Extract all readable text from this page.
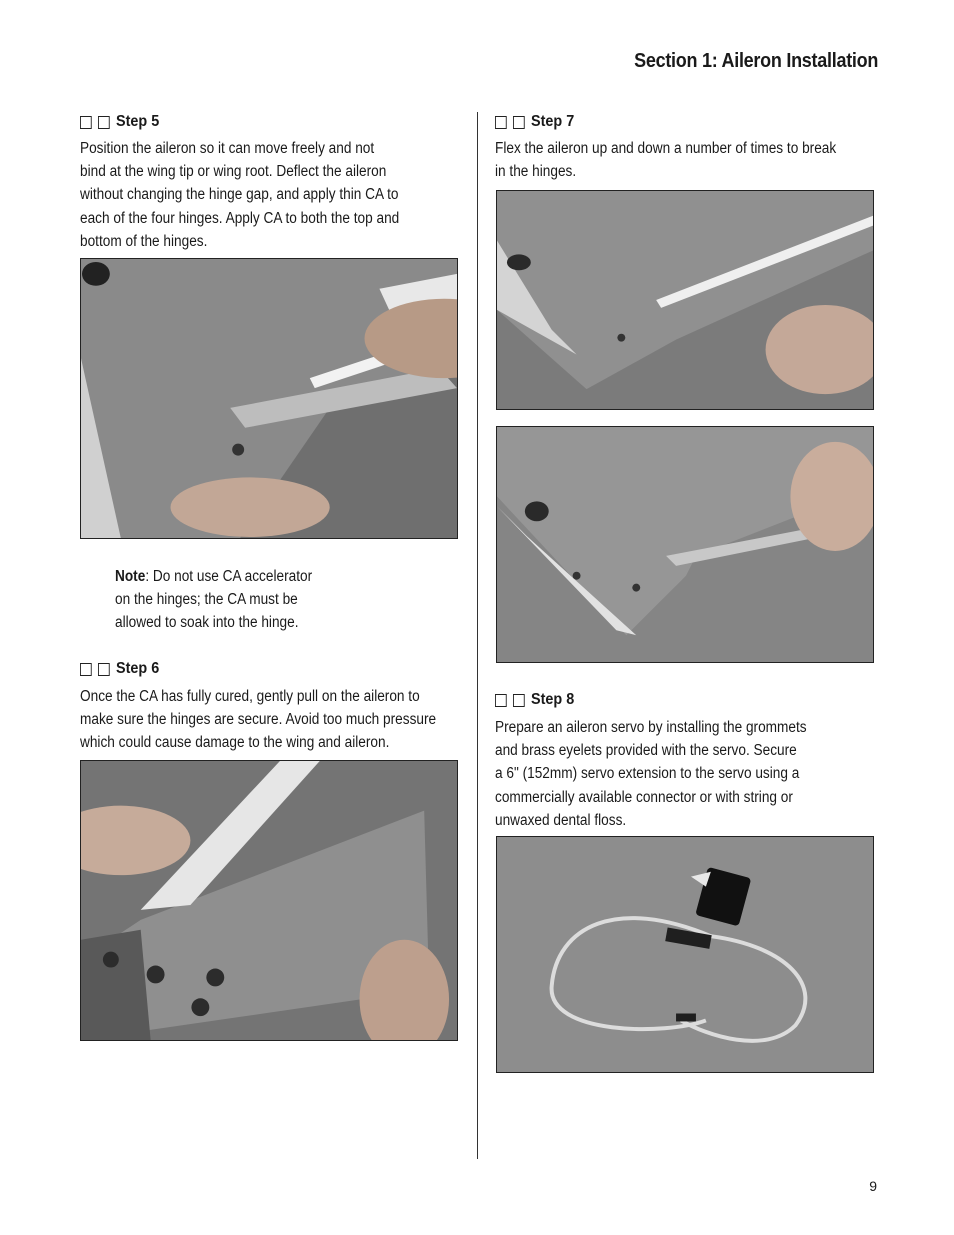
Section 1: Aileron Installation
Step 5

Position the aileron so it can move freely and not
bind at the wing tip or wing root. Deflect the aileron
without changing the hinge gap, and apply thin CA to
each of the four hinges. Apply CA to both the top and
bottom of the hinges.

Note: Do not use CA accelerator
on the hinges; the CA must be
allowed to soak into the hinge.

Step 6

Once the CA has fully cured, gently pull on the aileron to
make sure the hinges are secure. Avoid too much pressure
which could cause damage to the wing and aileron.

Step 7

Flex the aileron up and down a number of times to break
in the hinges.

Step 8

Prepare an aileron servo by installing the grommets
and brass eyelets provided with the servo. Secure
a 6" (152mm) servo extension to the servo using a
commercially available connector or with string or
unwaxed dental floss.

9
